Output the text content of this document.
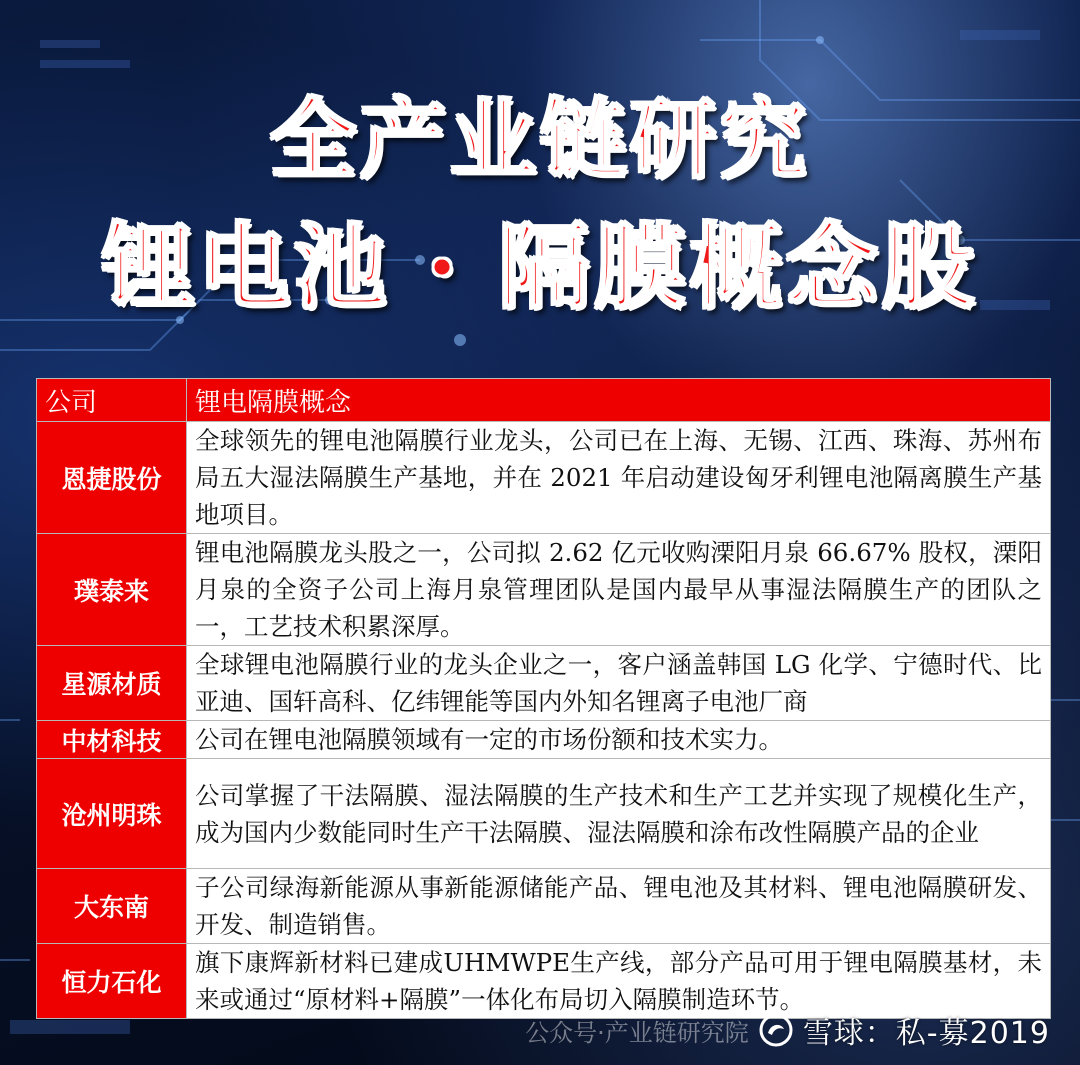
全产业链研究
锂电池 · 隔膜概念股
公司	锂电隔膜概念
恩捷股份	全球领先的锂电池隔膜行业龙头，公司已在上海、无锡、江西、珠海、苏州布局五大湿法隔膜生产基地，并在 2021 年启动建设匈牙利锂电池隔离膜生产基地项目。
璞泰来	锂电池隔膜龙头股之一，公司拟 2.62 亿元收购溧阳月泉 66.67% 股权，溧阳月泉的全资子公司上海月泉管理团队是国内最早从事湿法隔膜生产的团队之一，工艺技术积累深厚。
星源材质	全球锂电池隔膜行业的龙头企业之一，客户涵盖韩国 LG 化学、宁德时代、比亚迪、国轩高科、亿纬锂能等国内外知名锂离子电池厂商
中材科技	公司在锂电池隔膜领域有一定的市场份额和技术实力。
沧州明珠	公司掌握了干法隔膜、湿法隔膜的生产技术和生产工艺并实现了规模化生产，成为国内少数能同时生产干法隔膜、湿法隔膜和涂布改性隔膜产品的企业
大东南	子公司绿海新能源从事新能源储能产品、锂电池及其材料、锂电池隔膜研发、开发、制造销售。
恒力石化	旗下康辉新材料已建成UHMWPE生产线，部分产品可用于锂电隔膜基材，未来或通过“原材料+隔膜”一体化布局切入隔膜制造环节。
公众号·产业链研究院 雪球：私-募2019
